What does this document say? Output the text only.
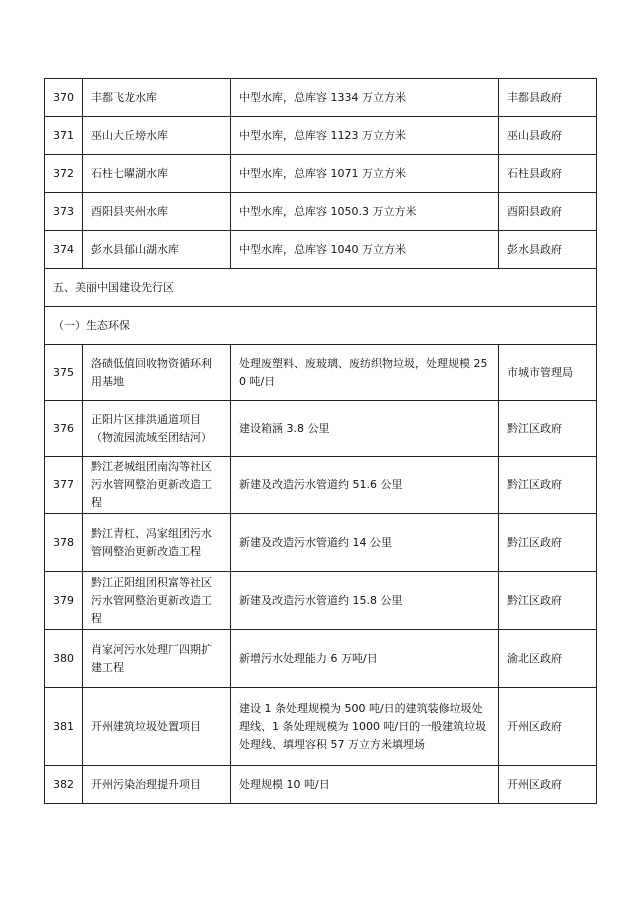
370	丰都飞龙水库	中型水库，总库容 1334 万立方米	丰都县政府
371	巫山大丘塝水库	中型水库，总库容 1123 万立方米	巫山县政府
372	石柱七曜湖水库	中型水库，总库容 1071 万立方米	石柱县政府
373	酉阳县夹州水库	中型水库，总库容 1050.3 万立方米	酉阳县政府
374	彭水县郁山湖水库	中型水库，总库容 1040 万立方米	彭水县政府
五、美丽中国建设先行区			
（一）生态环保			
375	洛碛低值回收物资循环利用基地	处理废塑料、废玻璃、废纺织物垃圾，处理规模 250 吨/日	市城市管理局
376	正阳片区排洪通道项目（物流园流域至团结河）	建设箱涵 3.8 公里	黔江区政府
377	黔江老城组团南沟等社区污水管网整治更新改造工程	新建及改造污水管道约 51.6 公里	黔江区政府
378	黔江青杠、冯家组团污水管网整治更新改造工程	新建及改造污水管道约 14 公里	黔江区政府
379	黔江正阳组团积富等社区污水管网整治更新改造工程	新建及改造污水管道约 15.8 公里	黔江区政府
380	肖家河污水处理厂四期扩建工程	新增污水处理能力 6 万吨/日	渝北区政府
381	开州建筑垃圾处置项目	建设 1 条处理规模为 500 吨/日的建筑装修垃圾处理线、1 条处理规模为 1000 吨/日的一般建筑垃圾处理线、填埋容积 57 万立方米填埋场	开州区政府
382	开州污染治理提升项目	处理规模 10 吨/日	开州区政府
